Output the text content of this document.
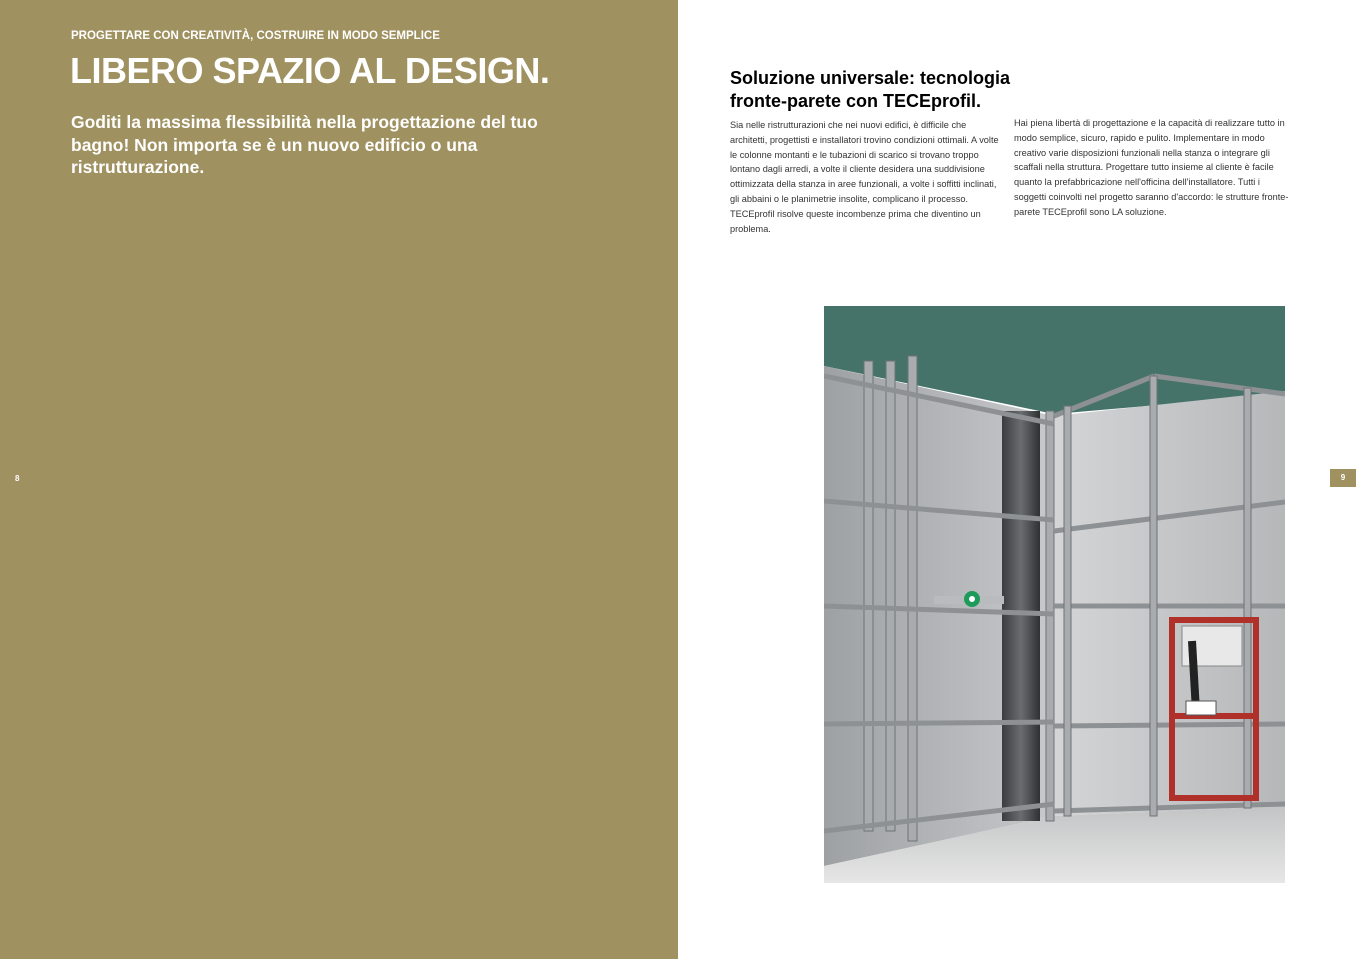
PROGETTARE CON CREATIVITÀ, COSTRUIRE IN MODO SEMPLICE
LIBERO SPAZIO AL DESIGN.

Goditi la massima flessibilità nella progettazione del tuo bagno! Non importa se è un nuovo edificio o una ristrutturazione.

8
Soluzione universale: tecnologia
fronte-parete con TECEprofil.

Sia nelle ristrutturazioni che nei nuovi edifici, è difficile che architetti, progettisti e installatori trovino condizioni ottimali. A volte le colonne montanti e le tubazioni di scarico si trovano troppo lontano dagli arredi, a volte il cliente desidera una suddivisione ottimizzata della stanza in aree funzionali, a volte i soffitti inclinati, gli abbaini o le planimetrie insolite, complicano il processo. TECEprofil risolve queste incombenze prima che diventino un problema.

Hai piena libertà di progettazione e la capacità di realizzare tutto in modo semplice, sicuro, rapido e pulito. Implementare in modo creativo varie disposizioni funzionali nella stanza o integrare gli scaffali nella struttura. Progettare tutto insieme al cliente è facile quanto la prefabbricazione nell'officina dell'installatore. Tutti i soggetti coinvolti nel progetto saranno d'accordo: le strutture fronte-parete TECEprofil sono LA soluzione.

9
